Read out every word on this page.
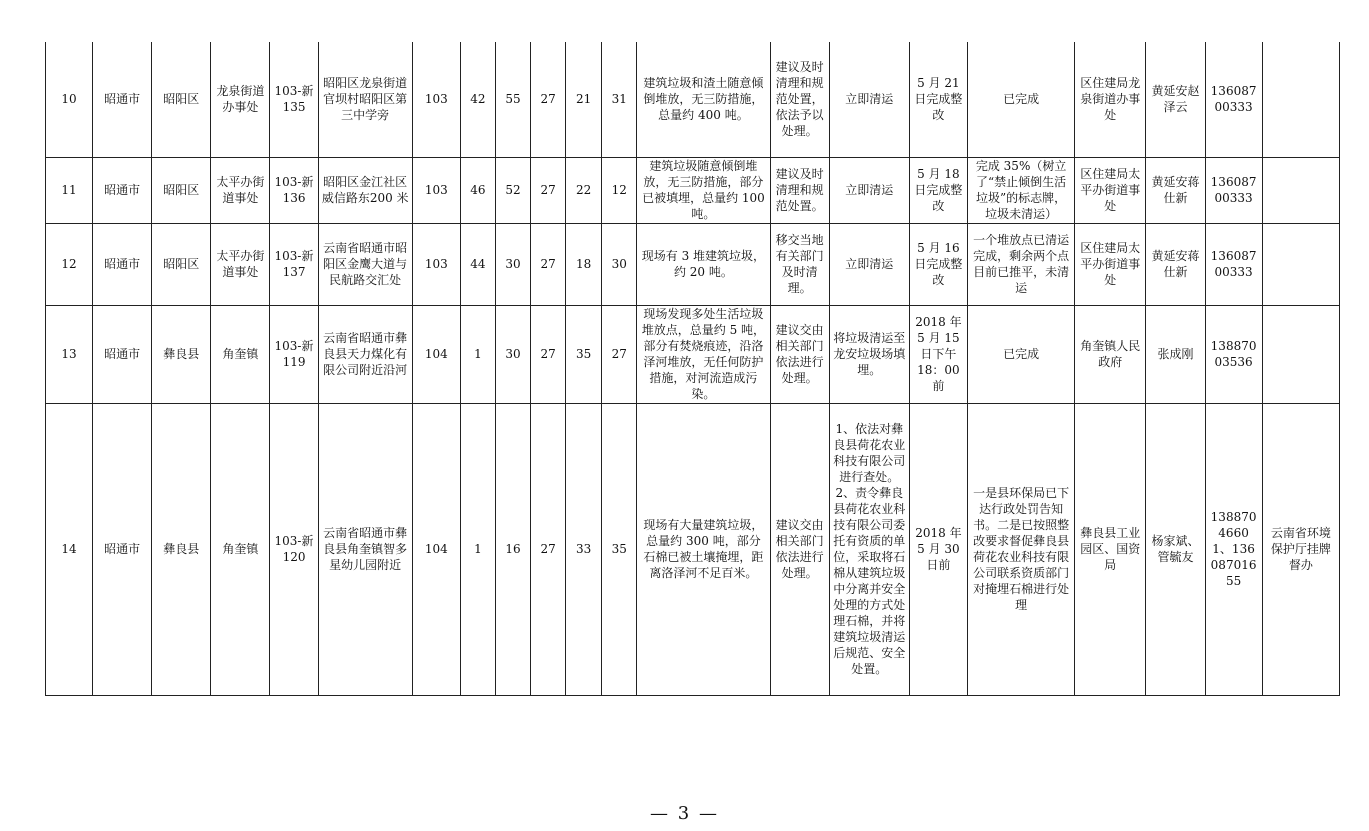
10	昭通市	昭阳区	龙泉街道办事处	103-新135	昭阳区龙泉街道官坝村昭阳区第三中学旁	103	42	55	27	21	31	建筑垃圾和渣土随意倾倒堆放，无三防措施，总量约 400 吨。	建议及时清理和规范处置，依法予以处理。	立即清运	5 月 21 日完成整改	已完成	区住建局龙泉街道办事处	黄延安赵泽云	13608700333	
11	昭通市	昭阳区	太平办街道事处	103-新136	昭阳区金江社区威信路东200 米	103	46	52	27	22	12	建筑垃圾随意倾倒堆放，无三防措施，部分已被填埋，总量约 100 吨。	建议及时清理和规范处置。	立即清运	5 月 18 日完成整改	完成 35%（树立了“禁止倾倒生活垃圾”的标志牌，垃圾未清运）	区住建局太平办街道事处	黄延安蒋仕新	13608700333	
12	昭通市	昭阳区	太平办街道事处	103-新137	云南省昭通市昭阳区金鹰大道与民航路交汇处	103	44	30	27	18	30	现场有 3 堆建筑垃圾，约 20 吨。	移交当地有关部门及时清理。	立即清运	5 月 16 日完成整改	一个堆放点已清运完成，剩余两个点目前已推平，未清运	区住建局太平办街道事处	黄延安蒋仕新	13608700333	
13	昭通市	彝良县	角奎镇	103-新119	云南省昭通市彝良县天力煤化有限公司附近沿河	104	1	30	27	35	27	现场发现多处生活垃圾堆放点，总量约 5 吨，部分有焚烧痕迹，沿洛泽河堆放，无任何防护措施，对河流造成污染。	建议交由相关部门依法进行处理。	将垃圾清运至龙安垃圾场填埋。	2018 年 5 月 15 日下午 18：00 前	已完成	角奎镇人民政府	张成刚	13887003536	
14	昭通市	彝良县	角奎镇	103-新120	云南省昭通市彝良县角奎镇智多星幼儿园附近	104	1	16	27	33	35	现场有大量建筑垃圾，总量约 300 吨，部分石棉已被土壤掩埋，距离洛泽河不足百米。	建议交由相关部门依法进行处理。	1、依法对彝良县荷花农业科技有限公司进行查处。2、责令彝良县荷花农业科技有限公司委托有资质的单位，采取将石棉从建筑垃圾中分离并安全处理的方式处理石棉，并将建筑垃圾清运后规范、安全处置。	2018 年 5 月 30 日前	一是县环保局已下达行政处罚告知书。二是已按照整改要求督促彝良县荷花农业科技有限公司联系资质部门对掩埋石棉进行处理	彝良县工业园区、国资局	杨家斌、管毓友	13887046601、13608701655	云南省环境保护厅挂牌督办
— 3 —
